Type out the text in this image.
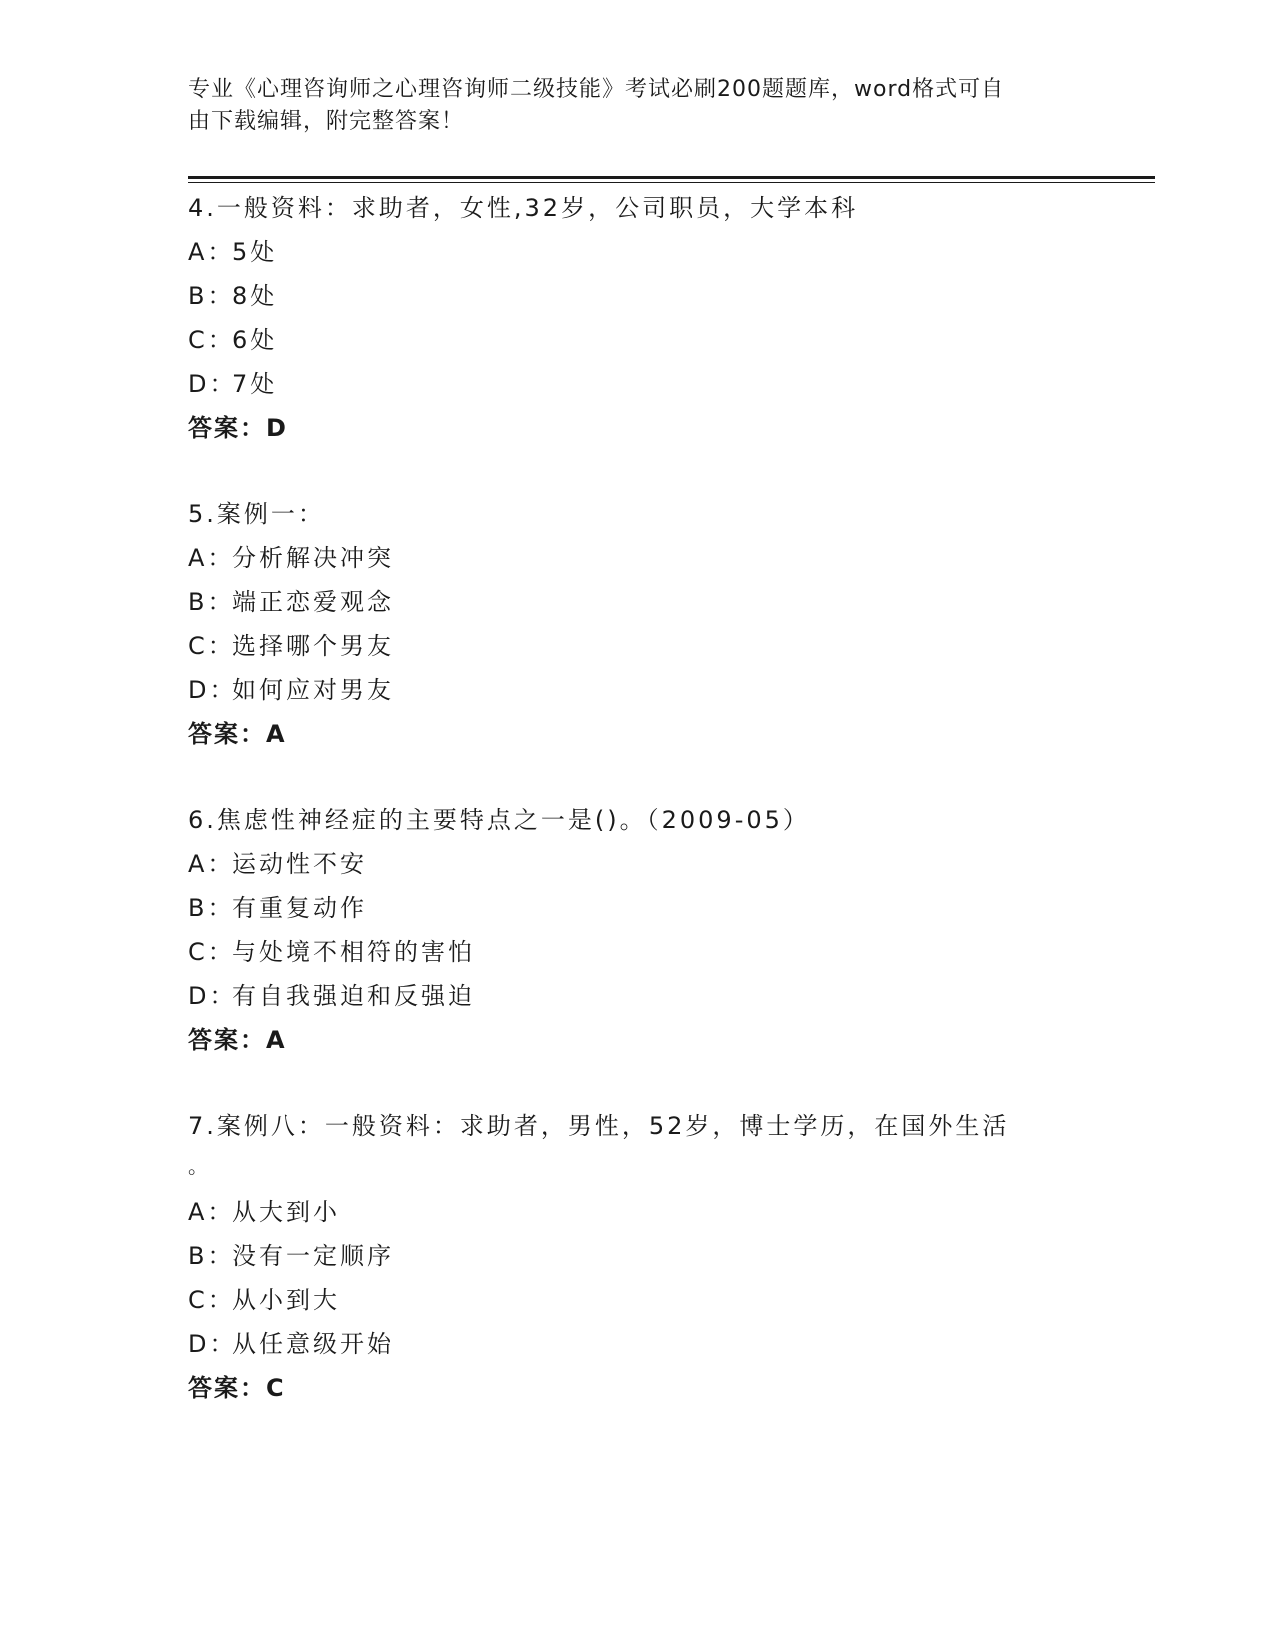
专业《心理咨询师之心理咨询师二级技能》考试必刷200题题库，word格式可自
由下载编辑，附完整答案！
4.一般资料：求助者，女性,32岁，公司职员，大学本科
A：5处
B：8处
C：6处
D：7处
答案：D
5.案例一：
A：分析解决冲突
B：端正恋爱观念
C：选择哪个男友
D：如何应对男友
答案：A
6.焦虑性神经症的主要特点之一是()。（2009-05）
A：运动性不安
B：有重复动作
C：与处境不相符的害怕
D：有自我强迫和反强迫
答案：A
7.案例八：一般资料：求助者，男性，52岁，博士学历，在国外生活
。
A：从大到小
B：没有一定顺序
C：从小到大
D：从任意级开始
答案：C
